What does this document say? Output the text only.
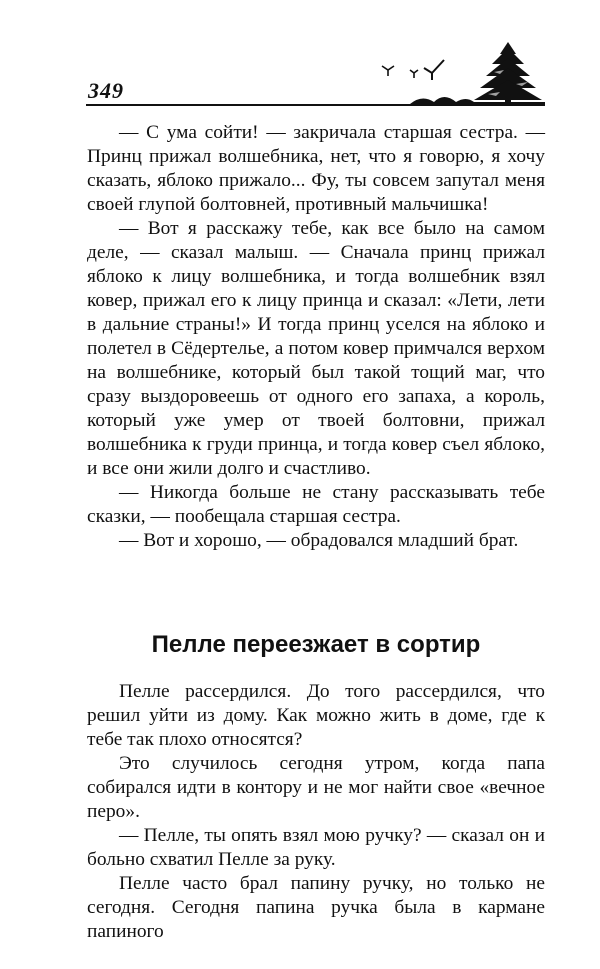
349

— С ума сойти! — закричала старшая сестра. — Принц прижал волшебника, нет, что я говорю, я хочу сказать, яблоко прижало... Фу, ты совсем запутал меня своей глупой болтовней, противный мальчишка!

— Вот я расскажу тебе, как все было на самом деле, — сказал малыш. — Сначала принц прижал яблоко к лицу волшебника, и тогда волшебник взял ковер, прижал его к лицу принца и сказал: «Лети, лети в дальние страны!» И тогда принц уселся на яблоко и полетел в Сёдертелье, а потом ковер примчался верхом на волшебнике, который был такой тощий маг, что сразу выздоровеешь от одного его запаха, а король, который уже умер от твоей болтовни, прижал волшебника к груди принца, и тогда ковер съел яблоко, и все они жили долго и счастливо.

— Никогда больше не стану рассказывать тебе сказки, — пообещала старшая сестра.

— Вот и хорошо, — обрадовался младший брат.

Пелле переезжает в сортир

Пелле рассердился. До того рассердился, что решил уйти из дому. Как можно жить в доме, где к тебе так плохо относятся?

Это случилось сегодня утром, когда папа собирался идти в контору и не мог найти свое «вечное перо».

— Пелле, ты опять взял мою ручку? — сказал он и больно схватил Пелле за руку.

Пелле часто брал папину ручку, но только не сегодня. Сегодня папина ручка была в кармане папиного
